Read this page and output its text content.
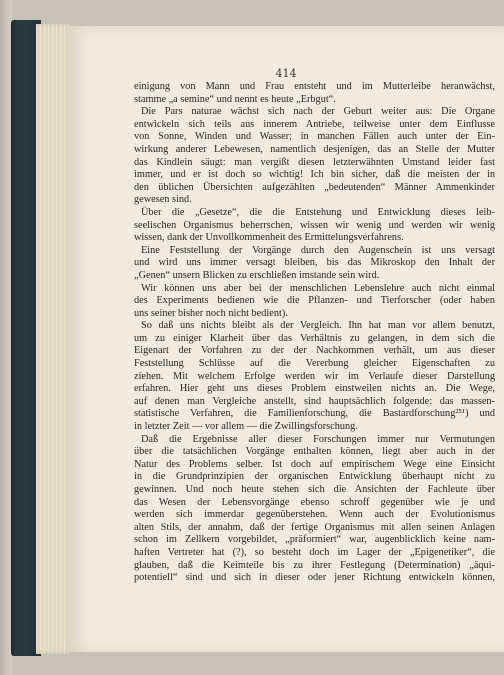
414
einigung von Mann und Frau entsteht und im Mutterleibe heranwächst,
stamme „a semine“ und nennt es heute „Erbgut“.
Die Pars naturae wächst sich nach der Geburt weiter aus: Die Organe
entwickeln sich teils aus innerem Antriebe, teilweise unter dem Einflusse
von Sonne, Winden und Wasser; in manchen Fällen auch unter der Ein-
wirkung anderer Lebewesen, namentlich desjenigen, das an Stelle der Mutter
das Kindlein säugt: man vergißt diesen letzterwähnten Umstand leider fast
immer, und er ist doch so wichtig! Ich bin sicher, daß die meisten der in
den üblichen Übersichten aufgezählten „bedeutenden“ Männer Ammenkinder
gewesen sind.
Über die „Gesetze“, die die Entstehung und Entwicklung dieses leib-
seelischen Organismus beherrschen, wissen wir wenig und werden wir wenig
wissen, dank der Unvollkommenheit des Ermittelungsverfahrens.
Eine Feststellung der Vorgänge durch den Augenschein ist uns versagt
und wird uns immer versagt bleiben, bis das Mikroskop den Inhalt der
„Genen“ unsern Blicken zu erschließen imstande sein wird.
Wir können uns aber bei der menschlichen Lebenslehre auch nicht einmal
des Experiments bedienen wie die Pflanzen- und Tierforscher (oder haben
uns seiner bisher noch nicht bedient).
So daß uns nichts bleibt als der Vergleich. Ihn hat man vor allem benutzt,
um zu einiger Klarheit über das Verhältnis zu gelangen, in dem sich die
Eigenart der Vorfahren zu der der Nachkommen verhält, um aus dieser
Feststellung Schlüsse auf die Vererbung gleicher Eigenschaften zu
ziehen. Mit welchem Erfolge werden wir im Verlaufe dieser Darstellung
erfahren. Hier geht uns dieses Problem einstweilen nichts an. Die Wege,
auf denen man Vergleiche anstellt, sind hauptsächlich folgende: das massen-
statistische Verfahren, die Familienforschung, die Bastardforschung²⁵¹) und
in letzter Zeit — vor allem — die Zwillingsforschung.
Daß die Ergebnisse aller dieser Forschungen immer nur Vermutungen
über die tatsächlichen Vorgänge enthalten können, liegt aber auch in der
Natur des Problems selber. Ist doch auf empirischem Wege eine Einsicht
in die Grundprinzipien der organischen Entwicklung überhaupt nicht zu
gewinnen. Und noch heute stehen sich die Ansichten der Fachleute über
das Wesen der Lebensvorgänge ebenso schroff gegenüber wie je und
werden sich immerdar gegenüberstehen. Wenn auch der Evolutionismus
alten Stils, der annahm, daß der fertige Organismus mit allen seinen Anlagen
schon im Zellkern vorgebildet, „präformiert“ war, augenblicklich keine nam-
haften Vertreter hat (?), so besteht doch im Lager der „Epigenetiker“, die
glauben, daß die Keimteile bis zu ihrer Festlegung (Determination) „äqui-
potentiell“ sind und sich in dieser oder jener Richtung entwickeln können,
